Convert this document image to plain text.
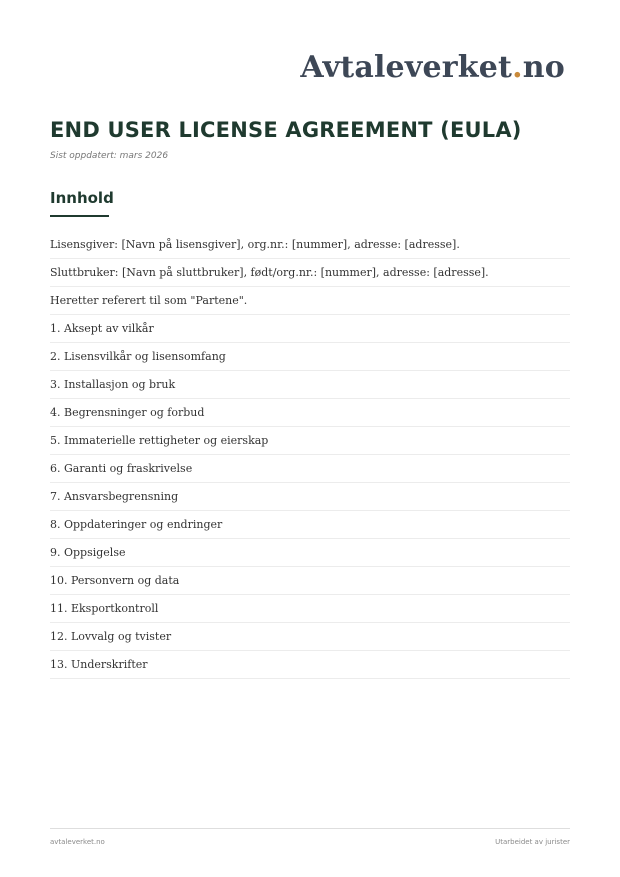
Avtaleverket.no
END USER LICENSE AGREEMENT (EULA)
Sist oppdatert: mars 2026
Innhold
Lisensgiver: [Navn på lisensgiver], org.nr.: [nummer], adresse: [adresse].
Sluttbruker: [Navn på sluttbruker], født/org.nr.: [nummer], adresse: [adresse].
Heretter referert til som "Partene".
1. Aksept av vilkår
2. Lisensvilkår og lisensomfang
3. Installasjon og bruk
4. Begrensninger og forbud
5. Immaterielle rettigheter og eierskap
6. Garanti og fraskrivelse
7. Ansvarsbegrensning
8. Oppdateringer og endringer
9. Oppsigelse
10. Personvern og data
11. Eksportkontroll
12. Lovvalg og tvister
13. Underskrifter
avtaleverket.no	Utarbeidet av jurister
